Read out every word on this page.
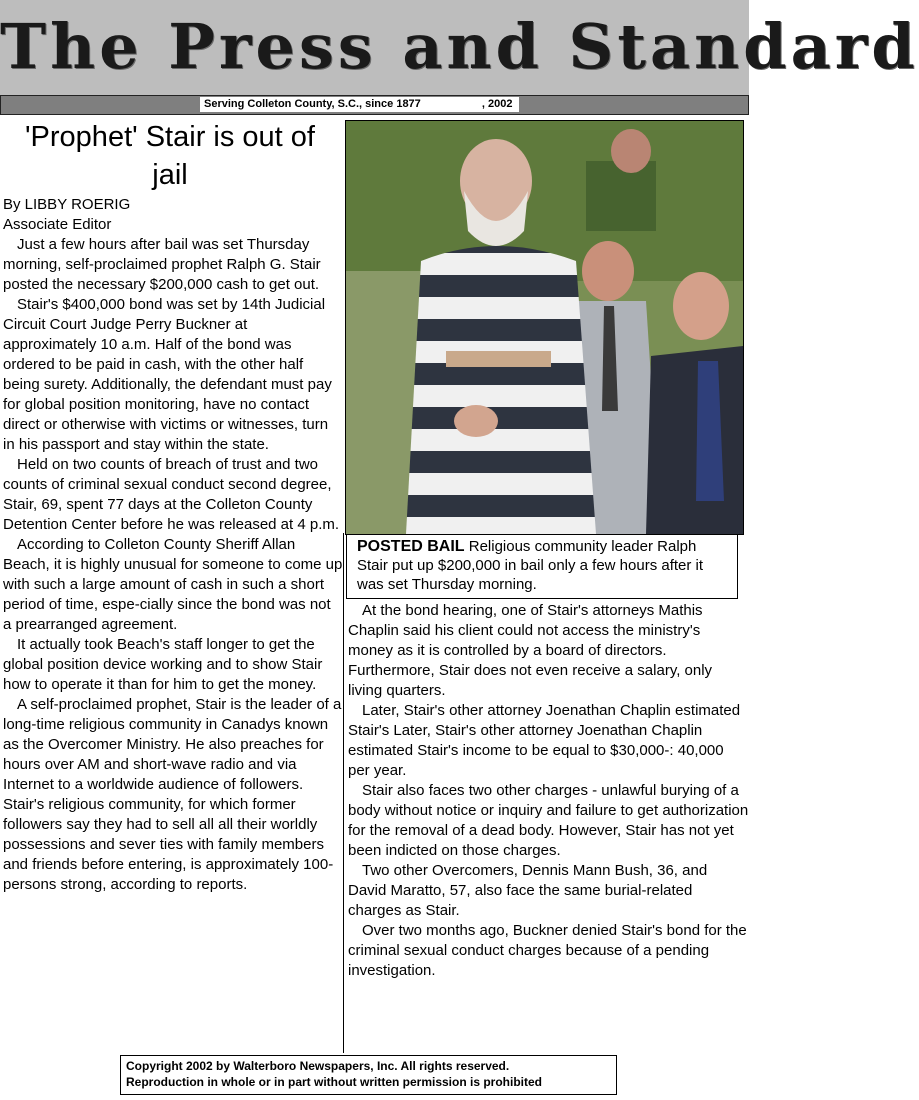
The Press and Standard
Serving Colleton County, S.C., since 1877                    , 2002
'Prophet' Stair is out of jail
By LIBBY ROERIG
Associate Editor

Just a few hours after bail was set Thursday morning, self-proclaimed prophet Ralph G. Stair posted the necessary $200,000 cash to get out.

Stair's $400,000 bond was set by 14th Judicial Circuit Court Judge Perry Buckner at approximately 10 a.m. Half of the bond was ordered to be paid in cash, with the other half being surety. Additionally, the defendant must pay for global position monitoring, have no contact direct or otherwise with victims or witnesses, turn in his passport and stay within the state.

Held on two counts of breach of trust and two counts of criminal sexual conduct second degree, Stair, 69, spent 77 days at the Colleton County Detention Center before he was released at 4 p.m.

According to Colleton County Sheriff Allan Beach, it is highly unusual for someone to come up with such a large amount of cash in such a short period of time, espe-cially since the bond was not a prearranged agreement.

It actually took Beach's staff longer to get the global position device working and to show Stair how to operate it than for him to get the money.

A self-proclaimed prophet, Stair is the leader of a long-time religious community in Canadys known as the Overcomer Ministry. He also preaches for hours over AM and short-wave radio and via Internet to a worldwide audience of followers. Stair's religious community, for which former followers say they had to sell all all their worldly possessions and sever ties with family members and friends before entering, is approximately 100-persons strong, according to reports.

POSTED BAIL Religious community leader Ralph Stair put up $200,000 in bail only a few hours after it was set Thursday morning.

At the bond hearing, one of Stair's attorneys Mathis Chaplin said his client could not access the ministry's money as it is controlled by a board of directors. Furthermore, Stair does not even receive a salary, only living quarters.

Later, Stair's other attorney Joenathan Chaplin estimated Stair's Later, Stair's other attorney Joenathan Chaplin estimated Stair's income to be equal to $30,000-: 40,000 per year.

Stair also faces two other charges - unlawful burying of a body without notice or inquiry and failure to get authorization for the removal of a dead body. However, Stair has not yet been indicted on those charges.

Two other Overcomers, Dennis Mann Bush, 36, and David Maratto, 57, also face the same burial-related charges as Stair.

Over two months ago, Buckner denied Stair's bond for the criminal sexual conduct charges because of a pending investigation.

Copyright 2002 by Walterboro Newspapers, Inc. All rights reserved.
Reproduction in whole or in part without written permission is prohibited
